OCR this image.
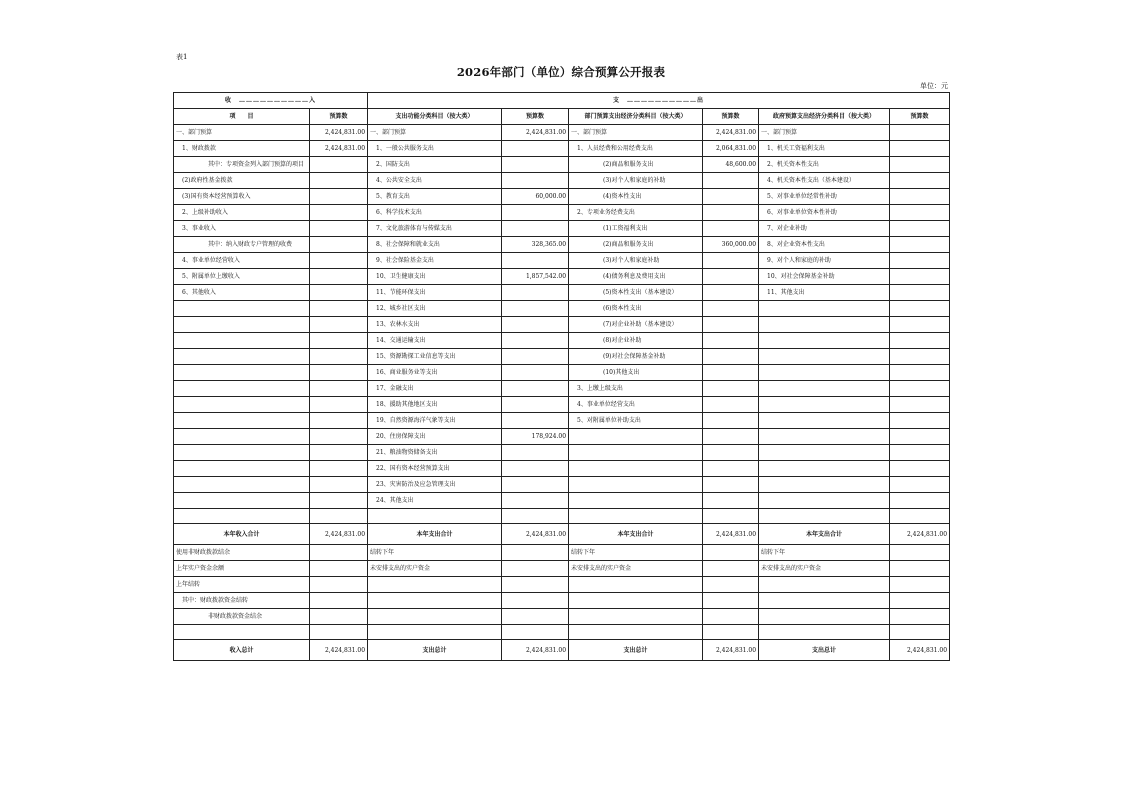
表1
2026年部门（单位）综合预算公开报表
单位：元
收　…………………………入		支　…………………………出					
项　　目	预算数	支出功能分类科目（按大类）	预算数	部门预算支出经济分类科目（按大类）	预算数	政府预算支出经济分类科目（按大类）	预算数
一、部门预算	2,424,831.00	一、部门预算	2,424,831.00	一、部门预算	2,424,831.00	一、部门预算	
1、财政拨款	2,424,831.00	1、一般公共服务支出		1、人员经费和公用经费支出	2,064,831.00	1、机关工资福利支出	
其中：专项资金列入部门预算的项目		2、国防支出		(2)商品和服务支出	48,600.00	2、机关资本性支出	
(2)政府性基金拨款		4、公共安全支出		(3)对个人和家庭的补助		4、机关资本性支出（基本建设）	
(3)国有资本经营预算收入		5、教育支出	60,000.00	(4)资本性支出		5、对事业单位经常性补助	
2、上级补助收入		6、科学技术支出		2、专项业务经费支出		6、对事业单位资本性补助	
3、事业收入		7、文化旅游体育与传媒支出		(1)工资福利支出		7、对企业补助	
其中：纳入财政专户管理的收费		8、社会保障和就业支出	328,365.00	(2)商品和服务支出	360,000.00	8、对企业资本性支出	
4、事业单位经营收入		9、社会保险基金支出		(3)对个人和家庭补助		9、对个人和家庭的补助	
5、附属单位上缴收入		10、卫生健康支出	1,857,542.00	(4)债务利息及费用支出		10、对社会保障基金补助	
6、其他收入		11、节能环保支出		(5)资本性支出（基本建设）		11、其他支出	
		12、城乡社区支出		(6)资本性支出			
		13、农林水支出		(7)对企业补助（基本建设）			
		14、交通运输支出		(8)对企业补助			
		15、资源勘探工业信息等支出		(9)对社会保障基金补助			
		16、商业服务业等支出		(10)其他支出			
		17、金融支出		3、上缴上级支出			
		18、援助其他地区支出		4、事业单位经营支出			
		19、自然资源海洋气象等支出		5、对附属单位补助支出			
		20、住房保障支出	178,924.00				
		21、粮油物资储备支出					
		22、国有资本经营预算支出					
		23、灾害防治及应急管理支出					
		24、其他支出					

本年收入合计	2,424,831.00	本年支出合计	2,424,831.00	本年支出合计	2,424,831.00	本年支出合计	2,424,831.00
使用非财政拨款结余		结转下年		结转下年		结转下年	
上年实户资金余额		未安排支出的实户资金		未安排支出的实户资金		未安排支出的实户资金	
上年结转							
其中：财政拨款资金结转							
非财政拨款资金结余							

收入总计	2,424,831.00	支出总计	2,424,831.00	支出总计	2,424,831.00	支出总计	2,424,831.00
